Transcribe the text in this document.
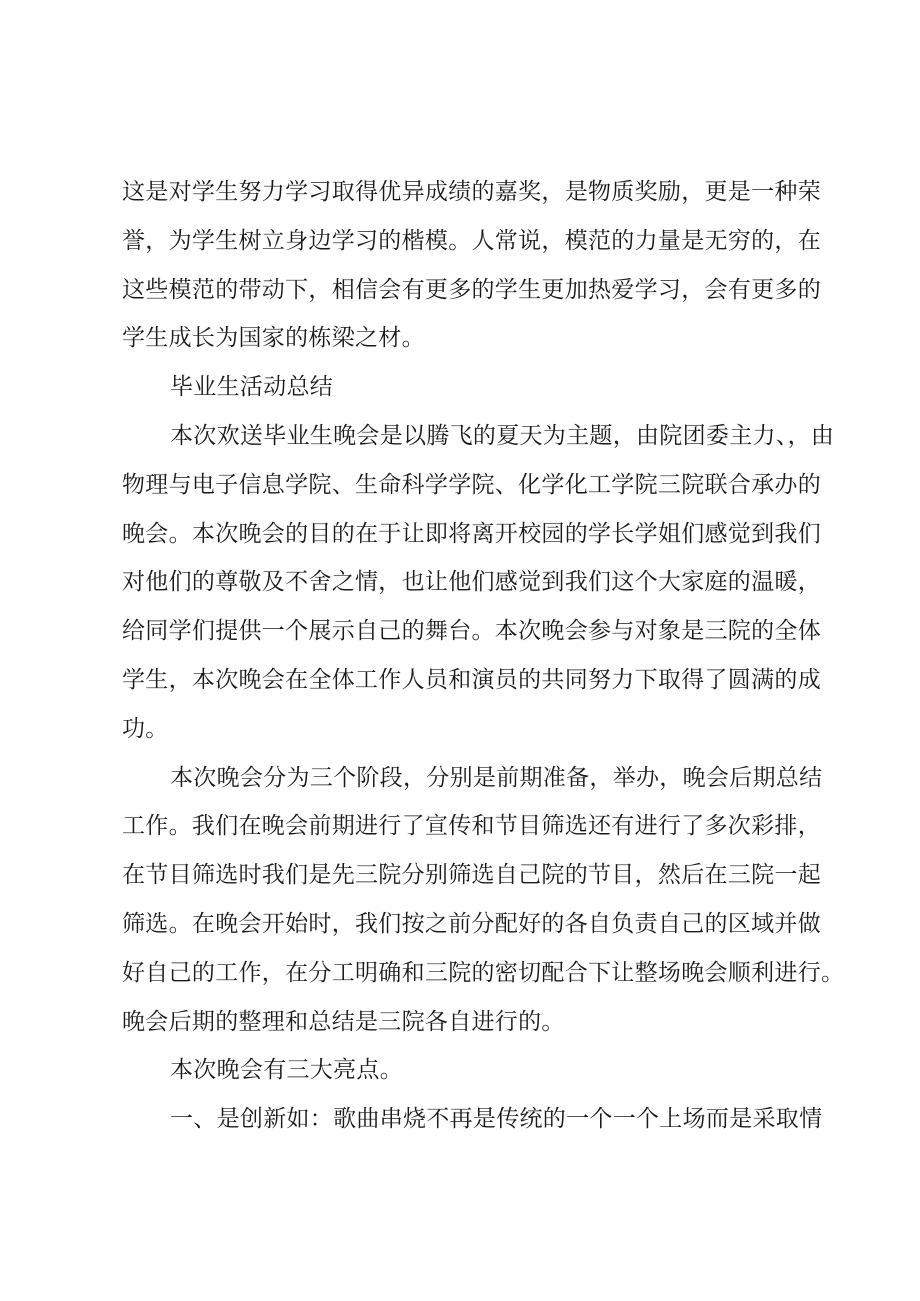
这是对学生努力学习取得优异成绩的嘉奖，是物质奖励，更是一种荣
誉，为学生树立身边学习的楷模。人常说，模范的力量是无穷的，在
这些模范的带动下，相信会有更多的学生更加热爱学习，会有更多的
学生成长为国家的栋梁之材。
毕业生活动总结
本次欢送毕业生晚会是以腾飞的夏天为主题，由院团委主力、，由
物理与电子信息学院、生命科学学院、化学化工学院三院联合承办的
晚会。本次晚会的目的在于让即将离开校园的学长学姐们感觉到我们
对他们的尊敬及不舍之情，也让他们感觉到我们这个大家庭的温暖，
给同学们提供一个展示自己的舞台。本次晚会参与对象是三院的全体
学生，本次晚会在全体工作人员和演员的共同努力下取得了圆满的成
功。
本次晚会分为三个阶段，分别是前期准备，举办，晚会后期总结
工作。我们在晚会前期进行了宣传和节目筛选还有进行了多次彩排，
在节目筛选时我们是先三院分别筛选自己院的节目，然后在三院一起
筛选。在晚会开始时，我们按之前分配好的各自负责自己的区域并做
好自己的工作，在分工明确和三院的密切配合下让整场晚会顺利进行。
晚会后期的整理和总结是三院各自进行的。
本次晚会有三大亮点。
一、是创新如：歌曲串烧不再是传统的一个一个上场而是采取情
